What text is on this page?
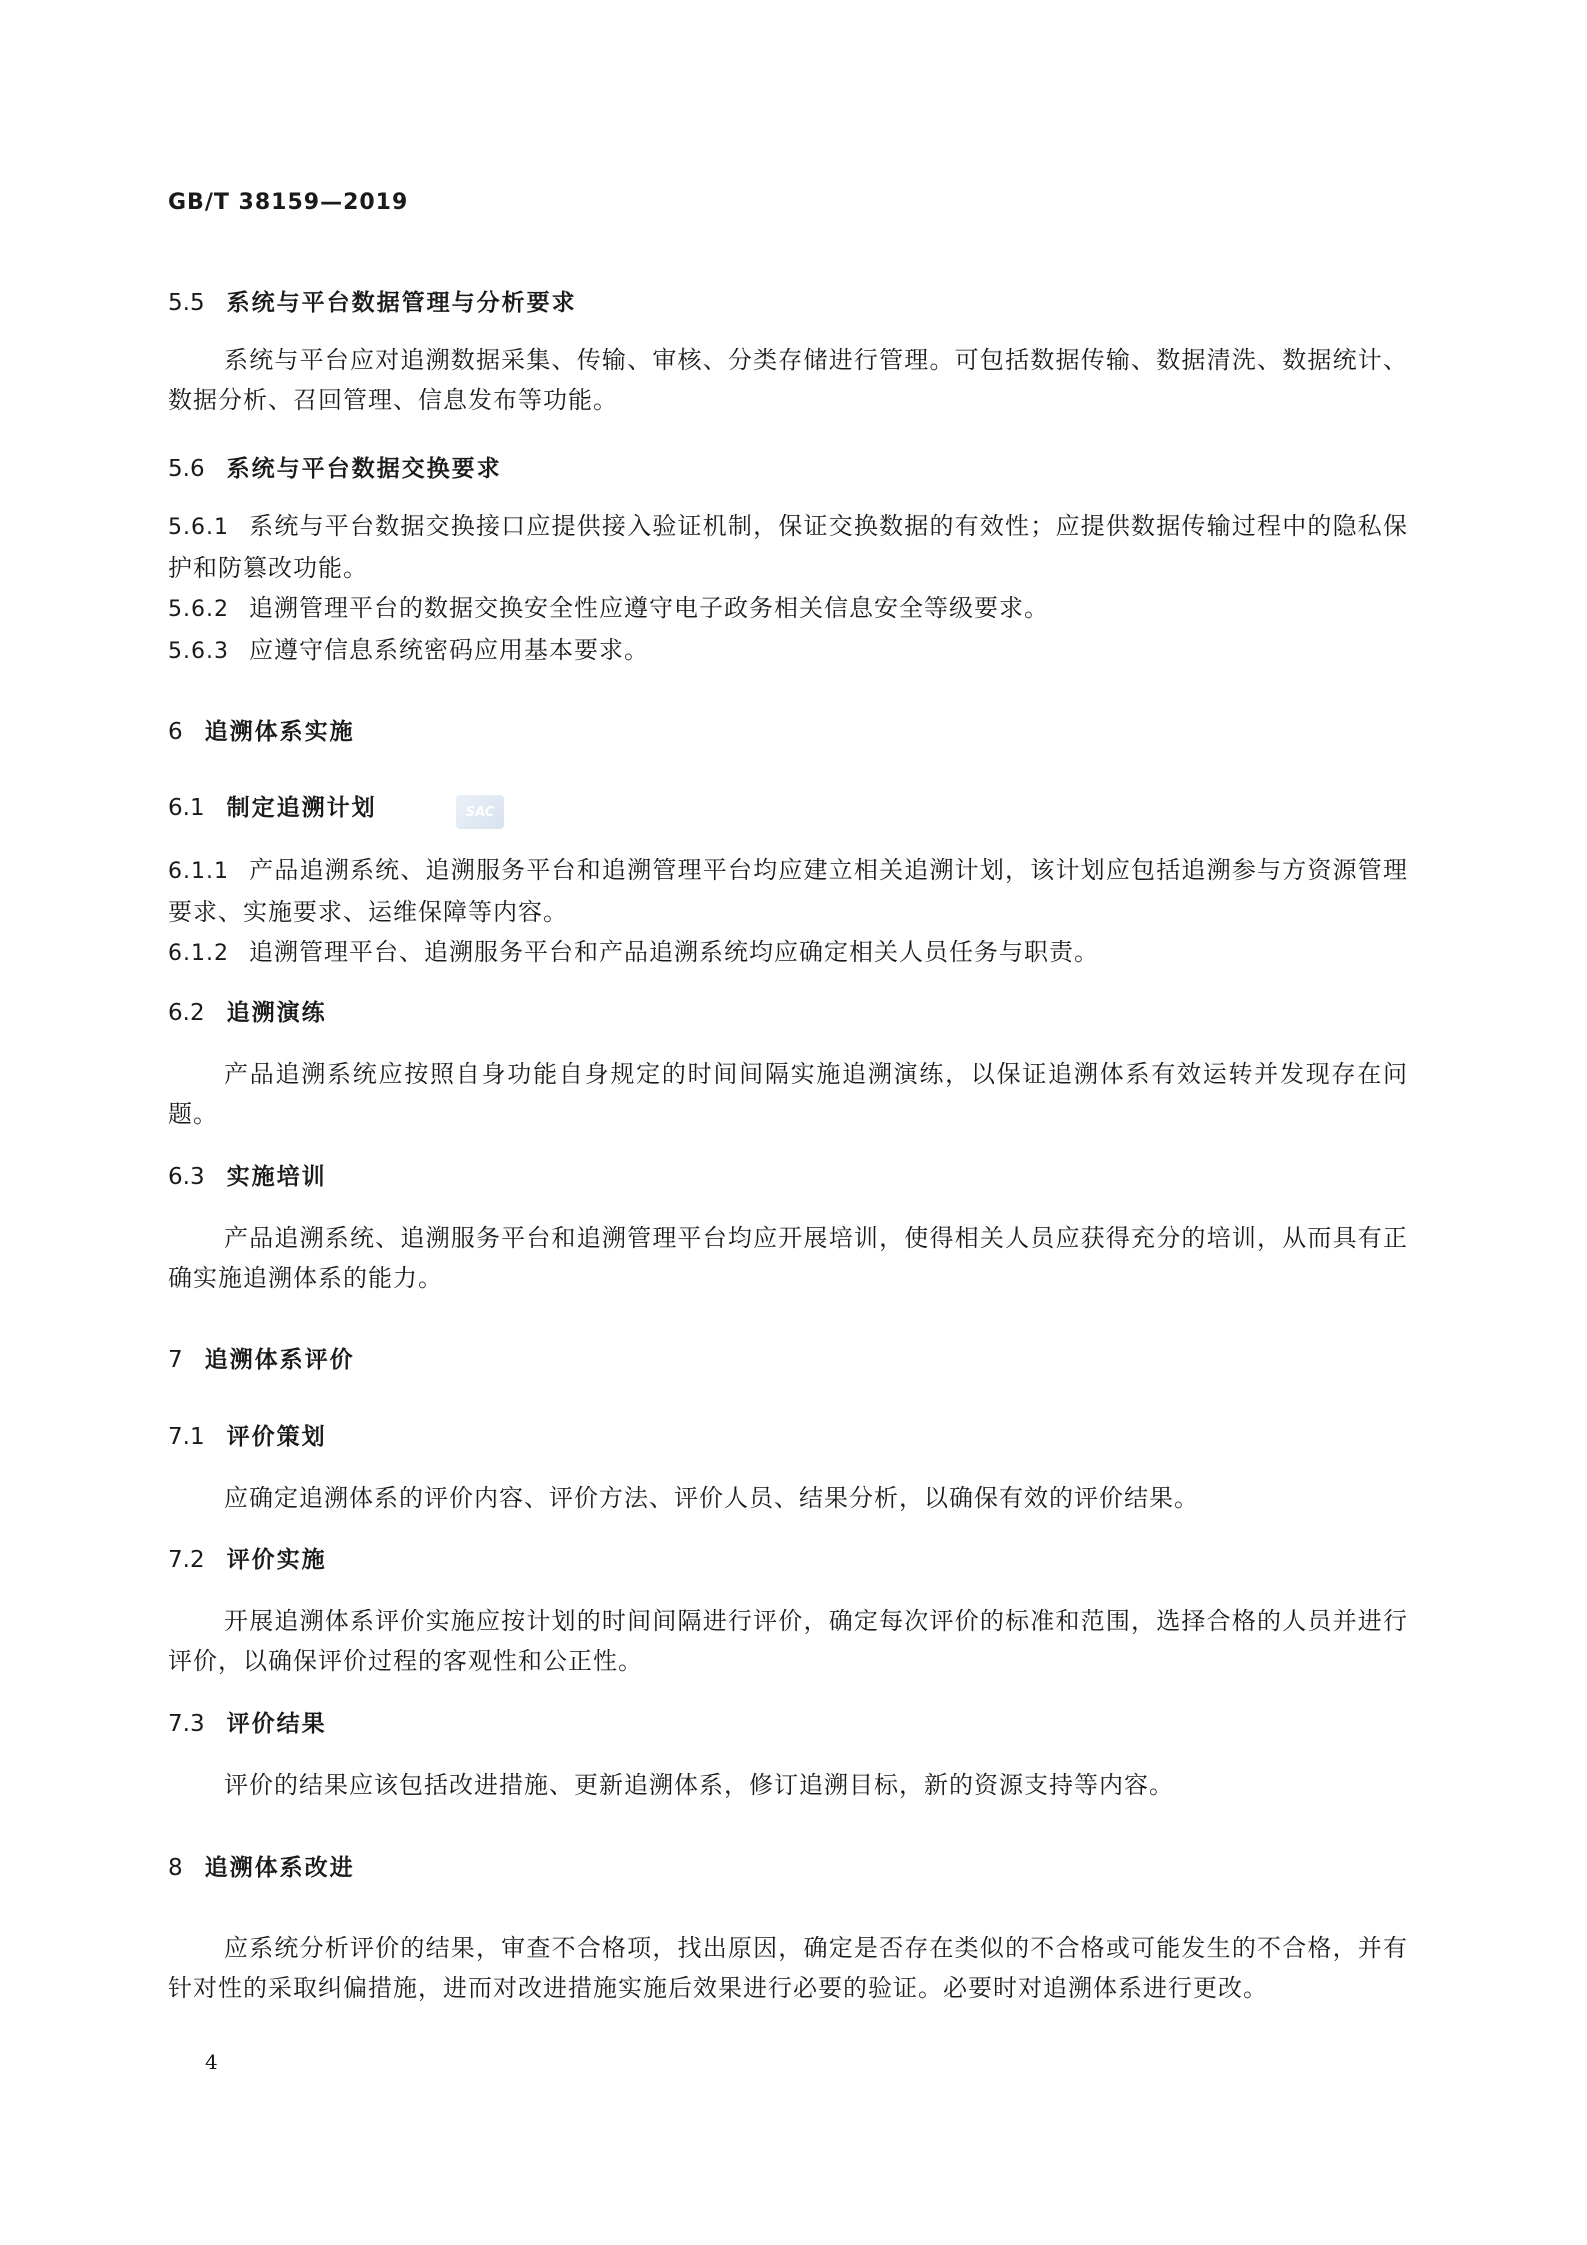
GB/T 38159—2019
5.5 系统与平台数据管理与分析要求
系统与平台应对追溯数据采集、传输、审核、分类存储进行管理。可包括数据传输、数据清洗、数据统计、数据分析、召回管理、信息发布等功能。
5.6 系统与平台数据交换要求
5.6.1 系统与平台数据交换接口应提供接入验证机制，保证交换数据的有效性；应提供数据传输过程中的隐私保护和防篡改功能。
5.6.2 追溯管理平台的数据交换安全性应遵守电子政务相关信息安全等级要求。
5.6.3 应遵守信息系统密码应用基本要求。
6 追溯体系实施
6.1 制定追溯计划	SAC
6.1.1 产品追溯系统、追溯服务平台和追溯管理平台均应建立相关追溯计划，该计划应包括追溯参与方资源管理要求、实施要求、运维保障等内容。
6.1.2 追溯管理平台、追溯服务平台和产品追溯系统均应确定相关人员任务与职责。
6.2 追溯演练
产品追溯系统应按照自身功能自身规定的时间间隔实施追溯演练，以保证追溯体系有效运转并发现存在问题。
6.3 实施培训
产品追溯系统、追溯服务平台和追溯管理平台均应开展培训，使得相关人员应获得充分的培训，从而具有正确实施追溯体系的能力。
7 追溯体系评价
7.1 评价策划
应确定追溯体系的评价内容、评价方法、评价人员、结果分析，以确保有效的评价结果。
7.2 评价实施
开展追溯体系评价实施应按计划的时间间隔进行评价，确定每次评价的标准和范围，选择合格的人员并进行评价，以确保评价过程的客观性和公正性。
7.3 评价结果
评价的结果应该包括改进措施、更新追溯体系，修订追溯目标，新的资源支持等内容。
8 追溯体系改进
应系统分析评价的结果，审查不合格项，找出原因，确定是否存在类似的不合格或可能发生的不合格，并有针对性的采取纠偏措施，进而对改进措施实施后效果进行必要的验证。必要时对追溯体系进行更改。
4
